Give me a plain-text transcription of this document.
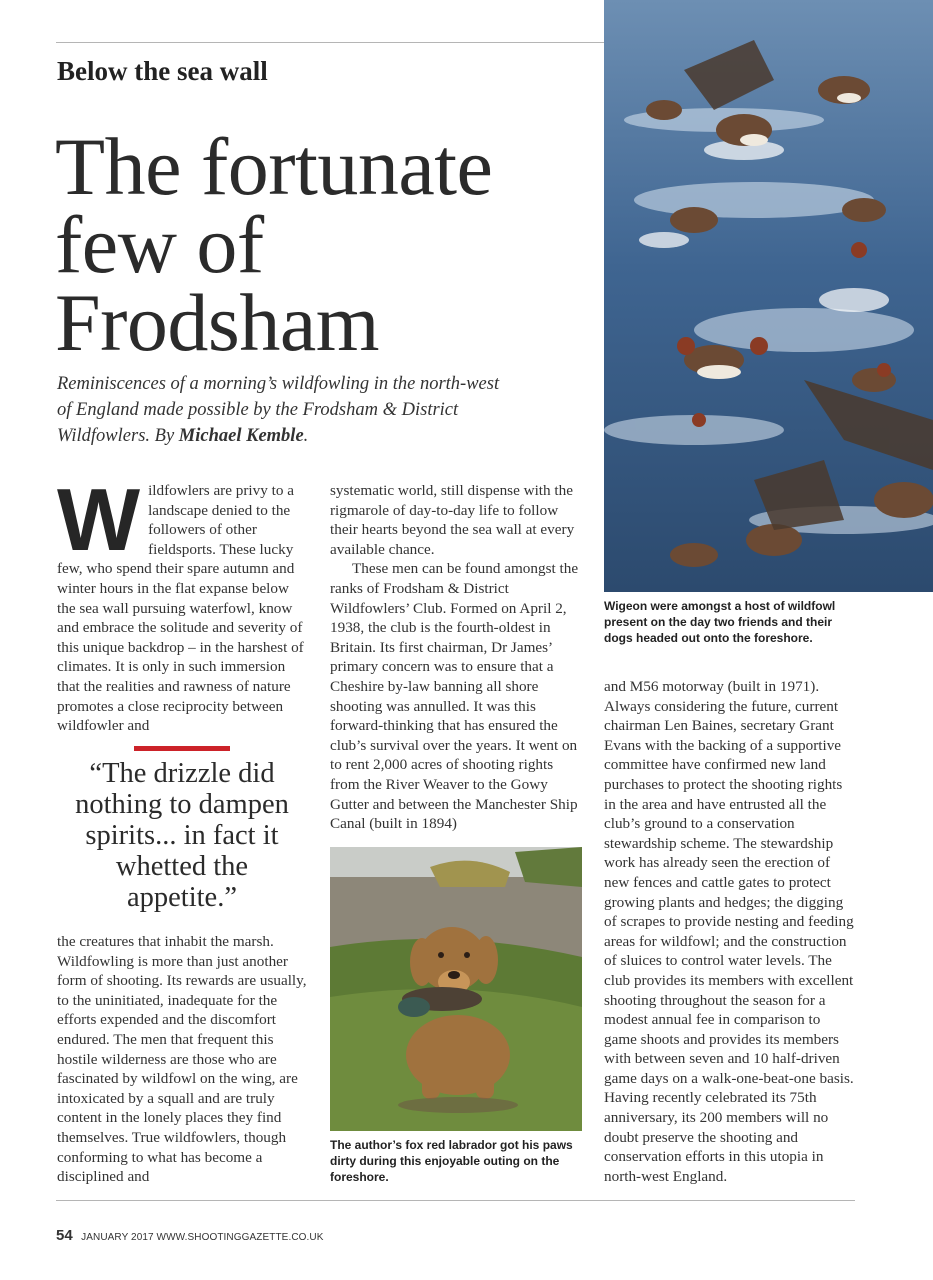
Below the sea wall
The fortunate few of Frodsham

Reminiscences of a morning’s wildfowling in the north-west of England made possible by the Frodsham & District Wildfowlers. By Michael Kemble.

Wildfowlers are privy to a landscape denied to the followers of other fieldsports. These lucky few, who spend their spare autumn and winter hours in the flat expanse below the sea wall pursuing waterfowl, know and embrace the solitude and severity of this unique backdrop – in the harshest of climates. It is only in such immersion that the realities and rawness of nature promotes a close reciprocity between wildfowler and

“The drizzle did nothing to dampen spirits... in fact it whetted the appetite.”

the creatures that inhabit the marsh. Wildfowling is more than just another form of shooting. Its rewards are usually, to the uninitiated, inadequate for the efforts expended and the discomfort endured. The men that frequent this hostile wilderness are those who are fascinated by wildfowl on the wing, are intoxicated by a squall and are truly content in the lonely places they find themselves. True wildfowlers, though conforming to what has become a disciplined and

systematic world, still dispense with the rigmarole of day-to-day life to follow their hearts beyond the sea wall at every available chance.

These men can be found amongst the ranks of Frodsham & District Wildfowlers’ Club. Formed on April 2, 1938, the club is the fourth-oldest in Britain. Its first chairman, Dr James’ primary concern was to ensure that a Cheshire by-law banning all shore shooting was annulled. It was this forward-thinking that has ensured the club’s survival over the years. It went on to rent 2,000 acres of shooting rights from the River Weaver to the Gowy Gutter and between the Manchester Ship Canal (built in 1894)

and M56 motorway (built in 1971). Always considering the future, current chairman Len Baines, secretary Grant Evans with the backing of a supportive committee have confirmed new land purchases to protect the shooting rights in the area and have entrusted all the club’s ground to a conservation stewardship scheme. The stewardship work has already seen the erection of new fences and cattle gates to protect growing plants and hedges; the digging of scrapes to provide nesting and feeding areas for wildfowl; and the construction of sluices to control water levels. The club provides its members with excellent shooting throughout the season for a modest annual fee in comparison to game shoots and provides its members with between seven and 10 half-driven game days on a walk-one-beat-one basis. Having recently celebrated its 75th anniversary, its 200 members will no doubt preserve the shooting and conservation efforts in this utopia in north-west England.

Wigeon were amongst a host of wildfowl present on the day two friends and their dogs headed out onto the foreshore.

The author’s fox red labrador got his paws dirty during this enjoyable outing on the foreshore.

54 JANUARY 2017 WWW.SHOOTINGGAZETTE.CO.UK
